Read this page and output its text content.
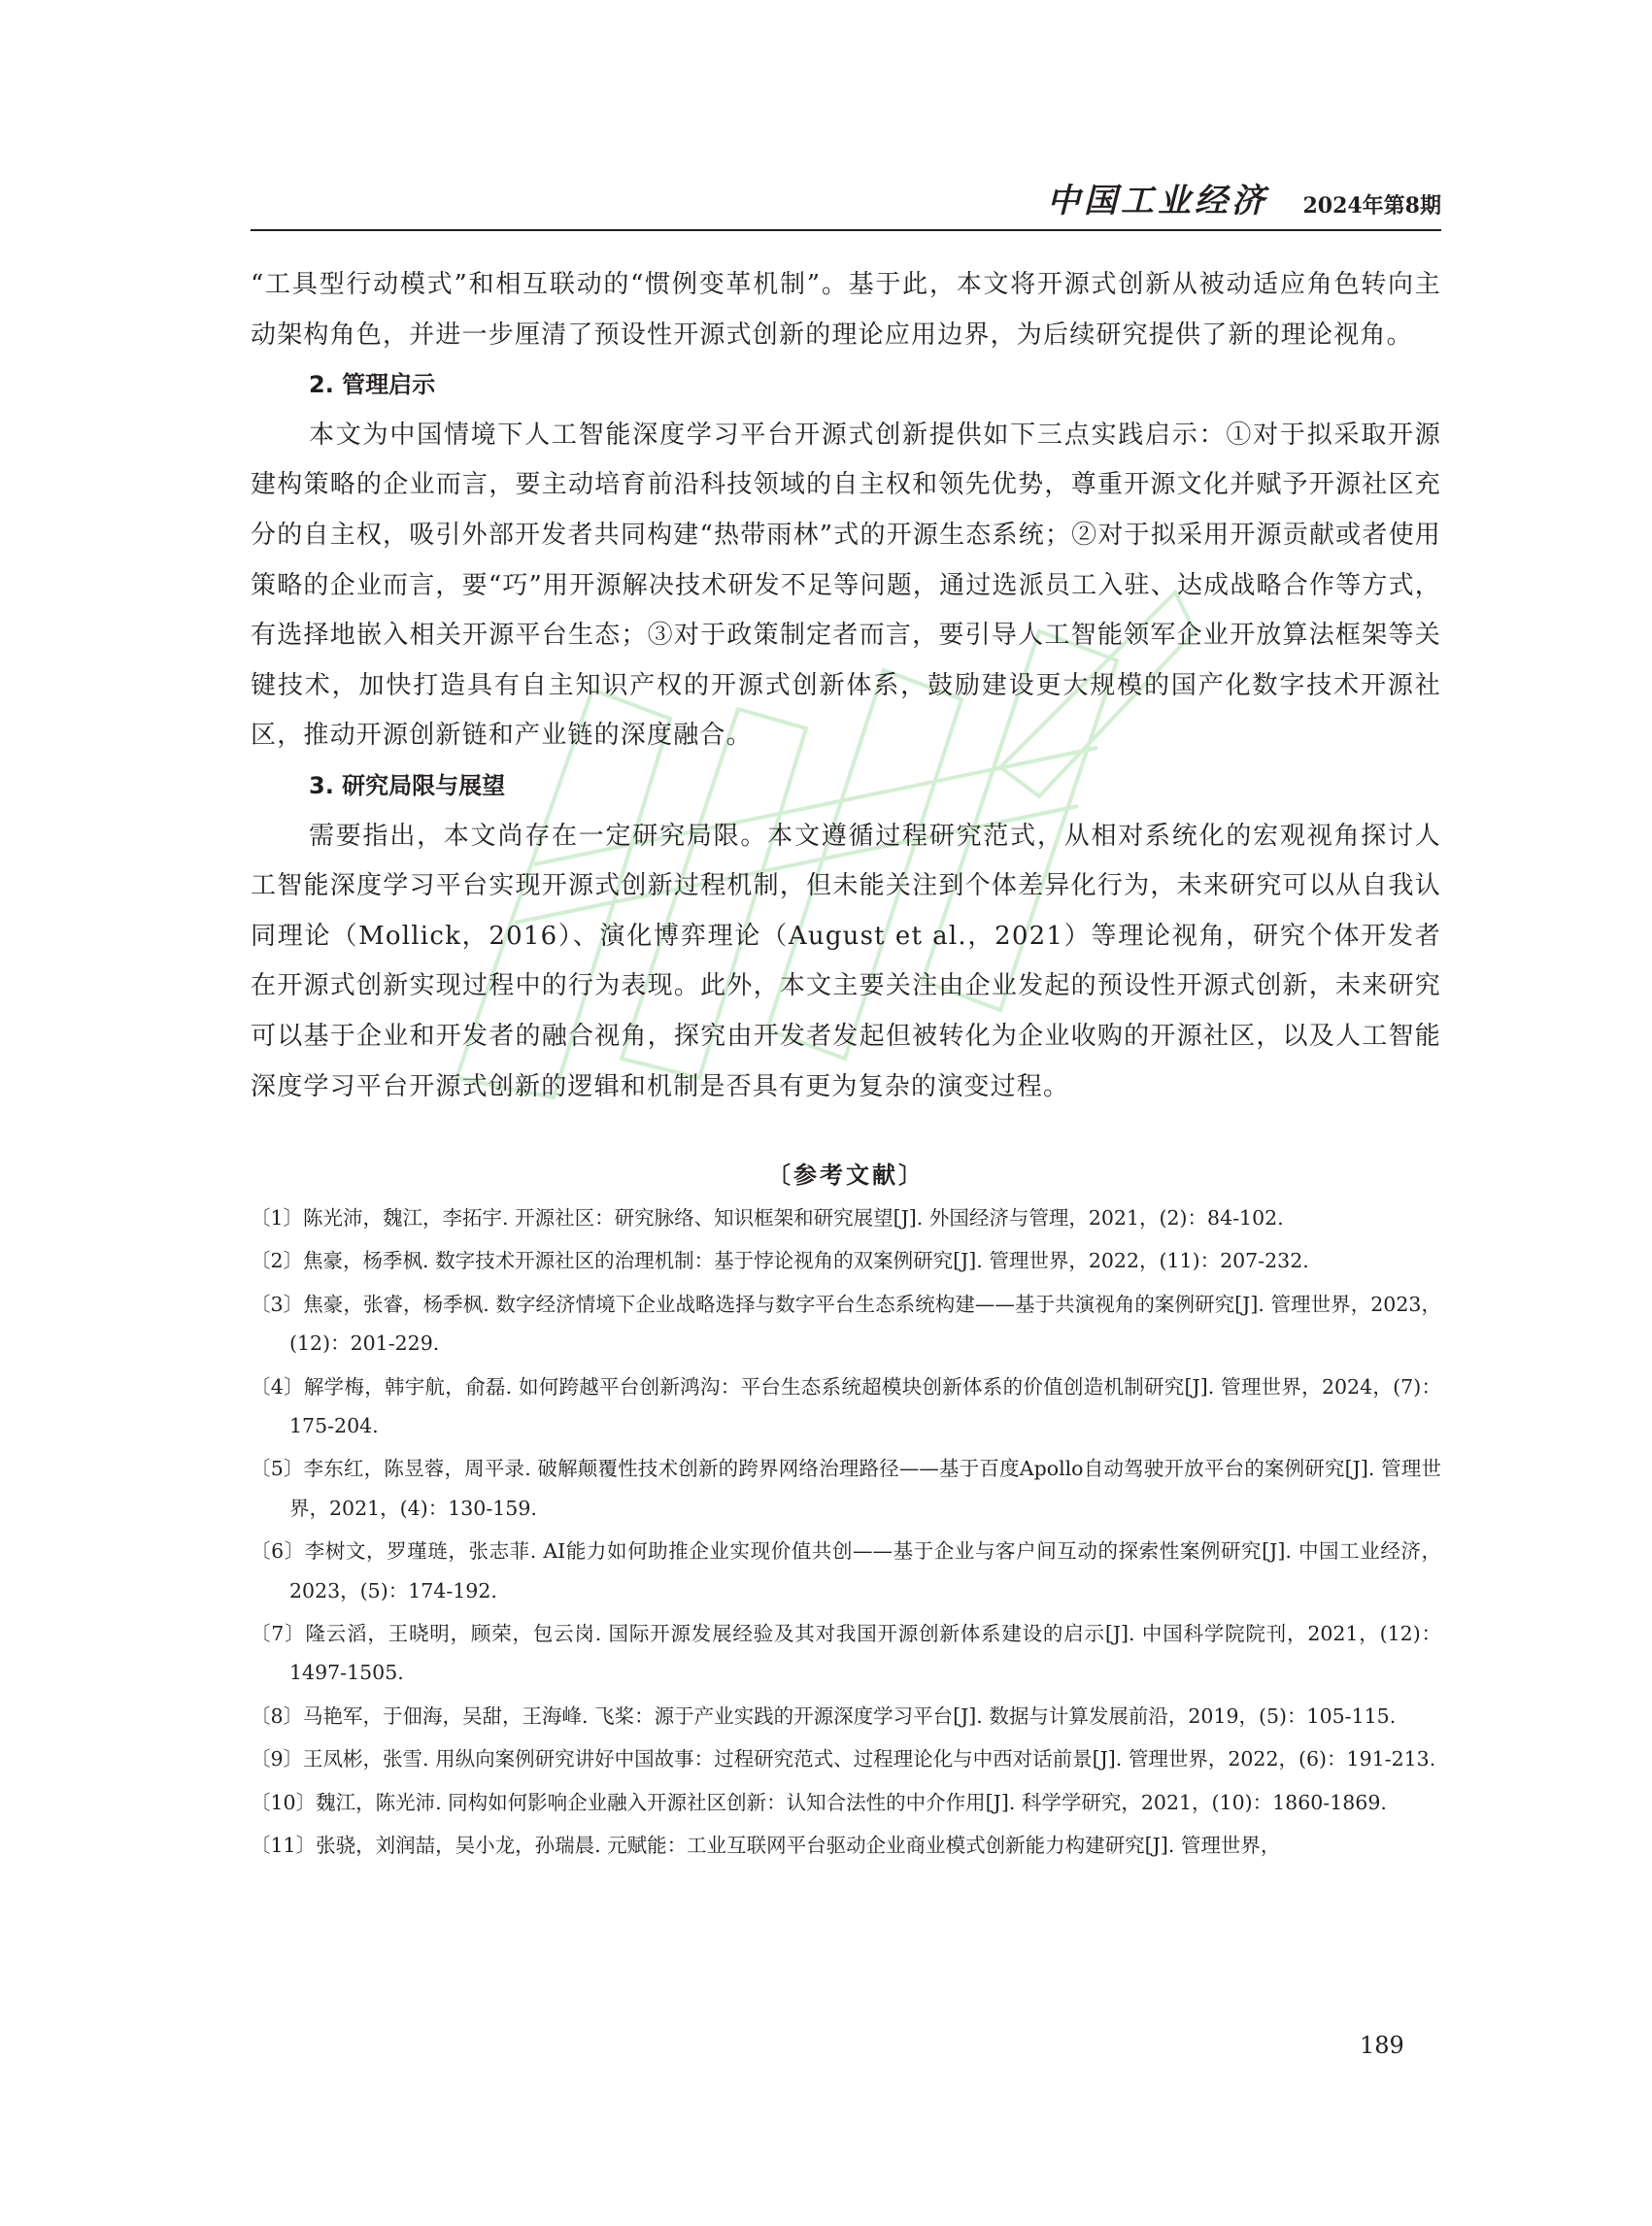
中国工业经济 2024年第8期

“工具型行动模式”和相互联动的“惯例变革机制”。基于此，本文将开源式创新从被动适应角色转向主动架构角色，并进一步厘清了预设性开源式创新的理论应用边界，为后续研究提供了新的理论视角。

2. 管理启示

本文为中国情境下人工智能深度学习平台开源式创新提供如下三点实践启示：①对于拟采取开源建构策略的企业而言，要主动培育前沿科技领域的自主权和领先优势，尊重开源文化并赋予开源社区充分的自主权，吸引外部开发者共同构建“热带雨林”式的开源生态系统；②对于拟采用开源贡献或者使用策略的企业而言，要“巧”用开源解决技术研发不足等问题，通过选派员工入驻、达成战略合作等方式，有选择地嵌入相关开源平台生态；③对于政策制定者而言，要引导人工智能领军企业开放算法框架等关键技术，加快打造具有自主知识产权的开源式创新体系，鼓励建设更大规模的国产化数字技术开源社区，推动开源创新链和产业链的深度融合。

3. 研究局限与展望

需要指出，本文尚存在一定研究局限。本文遵循过程研究范式，从相对系统化的宏观视角探讨人工智能深度学习平台实现开源式创新过程机制，但未能关注到个体差异化行为，未来研究可以从自我认同理论（Mollick，2016）、演化博弈理论（August et al.，2021）等理论视角，研究个体开发者在开源式创新实现过程中的行为表现。此外，本文主要关注由企业发起的预设性开源式创新，未来研究可以基于企业和开发者的融合视角，探究由开发者发起但被转化为企业收购的开源社区，以及人工智能深度学习平台开源式创新的逻辑和机制是否具有更为复杂的演变过程。

〔参考文献〕
〔1〕陈光沛，魏江，李拓宇. 开源社区：研究脉络、知识框架和研究展望[J]. 外国经济与管理，2021，(2)：84-102.
〔2〕焦豪，杨季枫. 数字技术开源社区的治理机制：基于悖论视角的双案例研究[J]. 管理世界，2022，(11)：207-232.
〔3〕焦豪，张睿，杨季枫. 数字经济情境下企业战略选择与数字平台生态系统构建——基于共演视角的案例研究[J]. 管理世界，2023，(12)：201-229.
〔4〕解学梅，韩宇航，俞磊. 如何跨越平台创新鸿沟：平台生态系统超模块创新体系的价值创造机制研究[J]. 管理世界，2024，(7)：175-204.
〔5〕李东红，陈昱蓉，周平录. 破解颠覆性技术创新的跨界网络治理路径——基于百度Apollo自动驾驶开放平台的案例研究[J]. 管理世界，2021，(4)：130-159.
〔6〕李树文，罗瑾琏，张志菲. AI能力如何助推企业实现价值共创——基于企业与客户间互动的探索性案例研究[J]. 中国工业经济，2023，(5)：174-192.
〔7〕隆云滔，王晓明，顾荣，包云岗. 国际开源发展经验及其对我国开源创新体系建设的启示[J]. 中国科学院院刊，2021，(12)：1497-1505.
〔8〕马艳军，于佃海，吴甜，王海峰. 飞桨：源于产业实践的开源深度学习平台[J]. 数据与计算发展前沿，2019，(5)：105-115.
〔9〕王凤彬，张雪. 用纵向案例研究讲好中国故事：过程研究范式、过程理论化与中西对话前景[J]. 管理世界，2022，(6)：191-213.
〔10〕魏江，陈光沛. 同构如何影响企业融入开源社区创新：认知合法性的中介作用[J]. 科学学研究，2021，(10)：1860-1869.
〔11〕张骁，刘润喆，吴小龙，孙瑞晨. 元赋能：工业互联网平台驱动企业商业模式创新能力构建研究[J]. 管理世界，
189
